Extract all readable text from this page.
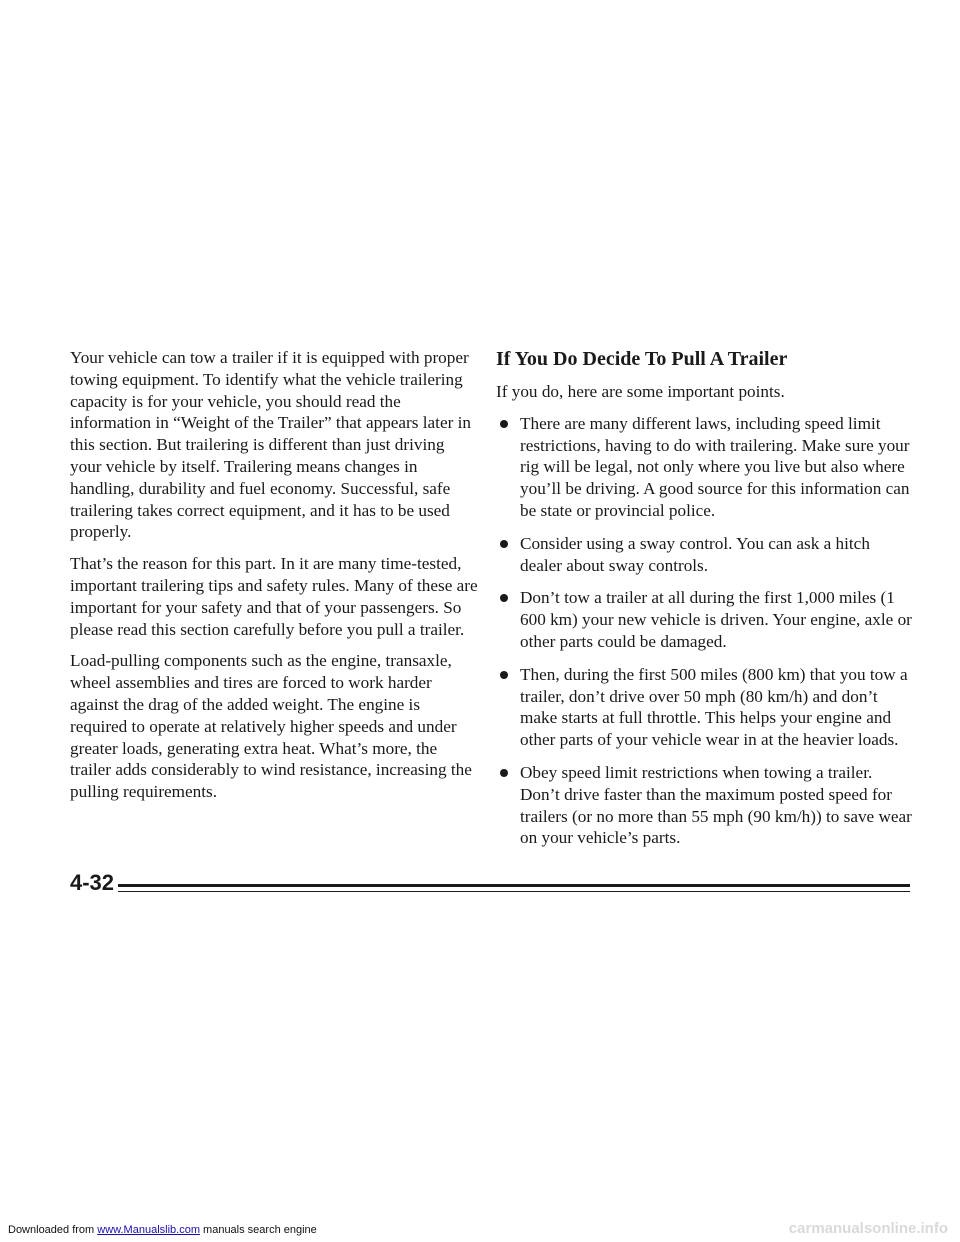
Your vehicle can tow a trailer if it is equipped with proper towing equipment. To identify what the vehicle trailering capacity is for your vehicle, you should read the information in “Weight of the Trailer” that appears later in this section. But trailering is different than just driving your vehicle by itself. Trailering means changes in handling, durability and fuel economy. Successful, safe trailering takes correct equipment, and it has to be used properly.

That’s the reason for this part. In it are many time-tested, important trailering tips and safety rules. Many of these are important for your safety and that of your passengers. So please read this section carefully before you pull a trailer.

Load-pulling components such as the engine, transaxle, wheel assemblies and tires are forced to work harder against the drag of the added weight. The engine is required to operate at relatively higher speeds and under greater loads, generating extra heat. What’s more, the trailer adds considerably to wind resistance, increasing the pulling requirements.

If You Do Decide To Pull A Trailer

If you do, here are some important points.

There are many different laws, including speed limit restrictions, having to do with trailering. Make sure your rig will be legal, not only where you live but also where you’ll be driving. A good source for this information can be state or provincial police.
Consider using a sway control. You can ask a hitch dealer about sway controls.
Don’t tow a trailer at all during the first 1,000 miles (1 600 km) your new vehicle is driven. Your engine, axle or other parts could be damaged.
Then, during the first 500 miles (800 km) that you tow a trailer, don’t drive over 50 mph (80 km/h) and don’t make starts at full throttle. This helps your engine and other parts of your vehicle wear in at the heavier loads.
Obey speed limit restrictions when towing a trailer. Don’t drive faster than the maximum posted speed for trailers (or no more than 55 mph (90 km/h)) to save wear on your vehicle’s parts.
4-32
Downloaded from www.Manualslib.com manuals search engine	carmanualsonline.info
